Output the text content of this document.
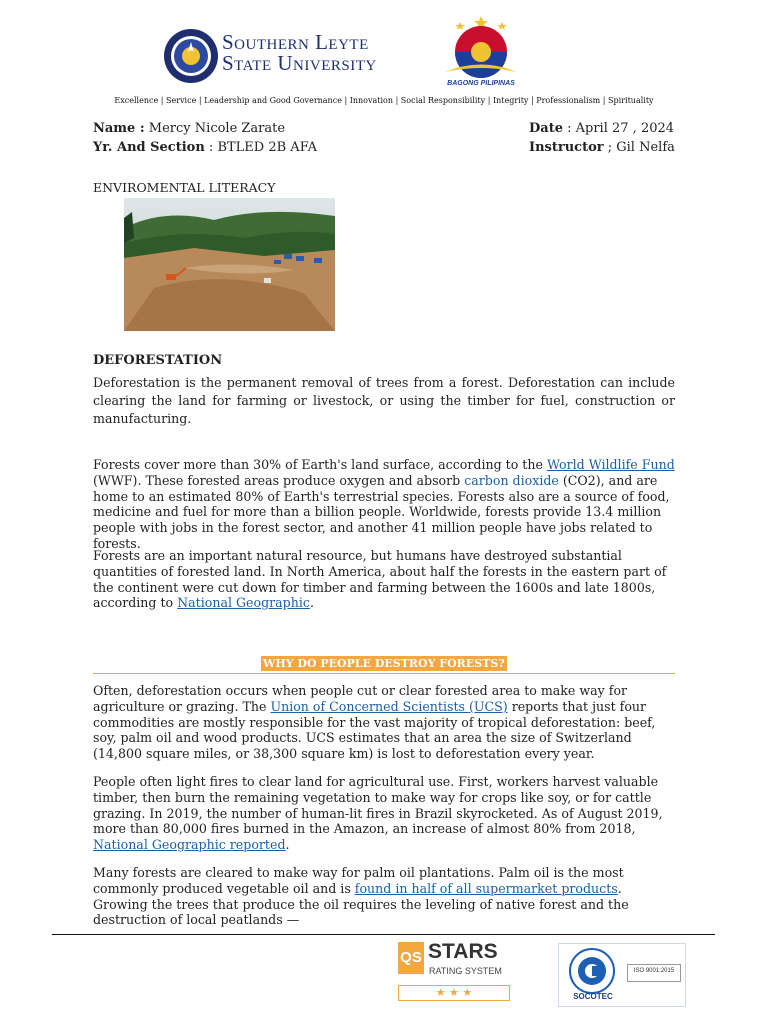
Southern Leyte
State University
BAGONG PILIPINAS
Excellence | Service | Leadership and Good Governance | Innovation | Social Responsibility | Integrity | Professionalism | Spirituality
Name : Mercy Nicole Zarate
Yr. And Section : BTLED 2B AFA
Date : April 27 , 2024
Instructor ; Gil Nelfa
ENVIROMENTAL LITERACY
DEFORESTATION
Deforestation is the permanent removal of trees from a forest. Deforestation can include clearing the land for farming or livestock, or using the timber for fuel, construction or manufacturing.
Forests cover more than 30% of Earth's land surface, according to the World Wildlife Fund (WWF). These forested areas produce oxygen and absorb carbon dioxide (CO2), and are home to an estimated 80% of Earth's terrestrial species. Forests also are a source of food, medicine and fuel for more than a billion people. Worldwide, forests provide 13.4 million people with jobs in the forest sector, and another 41 million people have jobs related to forests.
Forests are an important natural resource, but humans have destroyed substantial quantities of forested land. In North America, about half the forests in the eastern part of the continent were cut down for timber and farming between the 1600s and late 1800s, according to National Geographic.
WHY DO PEOPLE DESTROY FORESTS?
Often, deforestation occurs when people cut or clear forested area to make way for agriculture or grazing. The Union of Concerned Scientists (UCS) reports that just four commodities are mostly responsible for the vast majority of tropical deforestation: beef, soy, palm oil and wood products. UCS estimates that an area the size of Switzerland (14,800 square miles, or 38,300 square km) is lost to deforestation every year.
People often light fires to clear land for agricultural use. First, workers harvest valuable timber, then burn the remaining vegetation to make way for crops like soy, or for cattle grazing. In 2019, the number of human-lit fires in Brazil skyrocketed. As of August 2019, more than 80,000 fires burned in the Amazon, an increase of almost 80% from 2018, National Geographic reported.
Many forests are cleared to make way for palm oil plantations. Palm oil is the most commonly produced vegetable oil and is found in half of all supermarket products. Growing the trees that produce the oil requires the leveling of native forest and the destruction of local peatlands —
QS STARS
RATING SYSTEM
★ ★ ★	SOCOTEC
ISO 9001:2015
